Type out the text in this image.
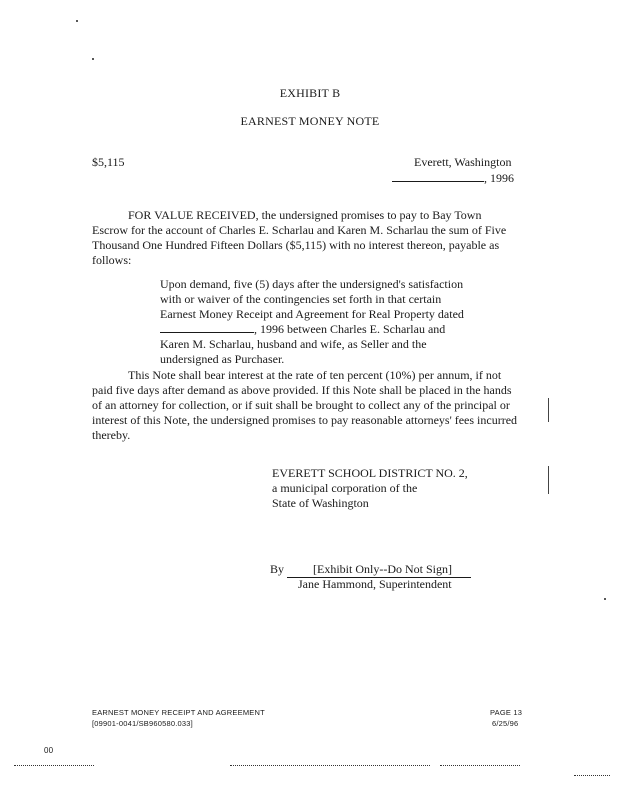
EXHIBIT B
EARNEST MONEY NOTE
$5,115	Everett, Washington
, 1996
FOR VALUE RECEIVED, the undersigned promises to pay to Bay Town Escrow for the account of Charles E. Scharlau and Karen M. Scharlau the sum of Five Thousand One Hundred Fifteen Dollars ($5,115) with no interest thereon, payable as follows:
Upon demand, five (5) days after the undersigned's satisfaction
with or waiver of the contingencies set forth in that certain
Earnest Money Receipt and Agreement for Real Property dated
, 1996 between Charles E. Scharlau and
Karen M. Scharlau, husband and wife, as Seller and the
undersigned as Purchaser.
This Note shall bear interest at the rate of ten percent (10%) per annum, if not paid five days after demand as above provided. If this Note shall be placed in the hands of an attorney for collection, or if suit shall be brought to collect any of the principal or interest of this Note, the undersigned promises to pay reasonable attorneys' fees incurred thereby.
EVERETT SCHOOL DISTRICT NO. 2,
a municipal corporation of the
State of Washington
By [Exhibit Only--Do Not Sign]
Jane Hammond, Superintendent
EARNEST MONEY RECEIPT AND AGREEMENT
[09901-0041/SB960580.033]
PAGE 13
6/25/96
00
